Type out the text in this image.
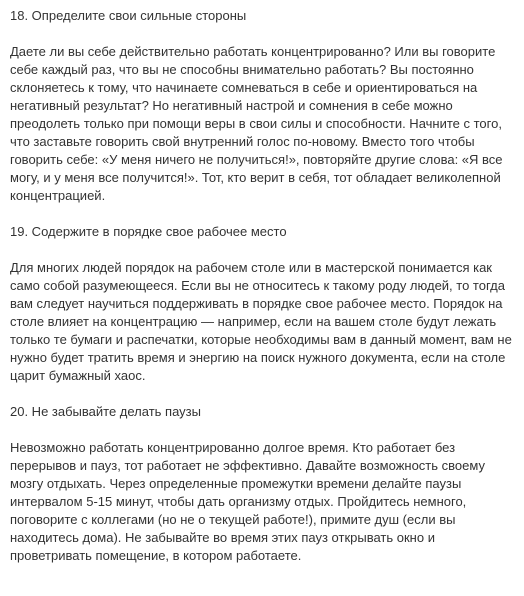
18. Определите свои сильные стороны

Даете ли вы себе действительно работать концентрированно? Или вы говорите себе каждый раз, что вы не способны внимательно работать? Вы постоянно склоняетесь к тому, что начинаете сомневаться в себе и ориентироваться на негативный результат? Но негативный настрой и сомнения в себе можно преодолеть только при помощи веры в свои силы и способности. Начните с того, что заставьте говорить свой внутренний голос по-новому. Вместо того чтобы говорить себе: «У меня ничего не получиться!», повторяйте другие слова: «Я все могу, и у меня все получится!». Тот, кто верит в себя, тот обладает великолепной концентрацией.

19. Содержите в порядке свое рабочее место

Для многих людей порядок на рабочем столе или в мастерской понимается как само собой разумеющееся. Если вы не относитесь к такому роду людей, то тогда вам следует научиться поддерживать в порядке свое рабочее место. Порядок на столе влияет на концентрацию — например, если на вашем столе будут лежать только те бумаги и распечатки, которые необходимы вам в данный момент, вам не нужно будет тратить время и энергию на поиск нужного документа, если на столе царит бумажный хаос.

20. Не забывайте делать паузы

Невозможно работать концентрированно долгое время. Кто работает без перерывов и пауз, тот работает не эффективно. Давайте возможность своему мозгу отдыхать. Через определенные промежутки времени делайте паузы интервалом 5-15 минут, чтобы дать организму отдых. Пройдитесь немного, поговорите с коллегами (но не о текущей работе!), примите душ (если вы находитесь дома). Не забывайте во время этих пауз открывать окно и проветривать помещение, в котором работаете.
